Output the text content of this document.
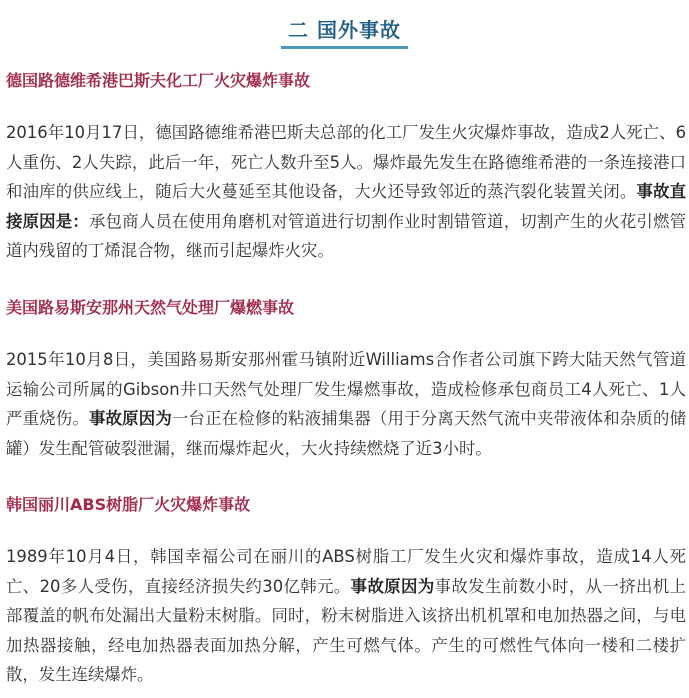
二 国外事故
德国路德维希港巴斯夫化工厂火灾爆炸事故

2016年10月17日，德国路德维希港巴斯夫总部的化工厂发生火灾爆炸事故，造成2人死亡、6人重伤、2人失踪，此后一年，死亡人数升至5人。爆炸最先发生在路德维希港的一条连接港口和油库的供应线上，随后大火蔓延至其他设备，大火还导致邻近的蒸汽裂化装置关闭。事故直接原因是：承包商人员在使用角磨机对管道进行切割作业时割错管道，切割产生的火花引燃管道内残留的丁烯混合物，继而引起爆炸火灾。

美国路易斯安那州天然气处理厂爆燃事故

2015年10月8日，美国路易斯安那州霍马镇附近Williams合作者公司旗下跨大陆天然气管道运输公司所属的Gibson井口天然气处理厂发生爆燃事故，造成检修承包商员工4人死亡、1人严重烧伤。事故原因为一台正在检修的粘液捕集器（用于分离天然气流中夹带液体和杂质的储罐）发生配管破裂泄漏，继而爆炸起火，大火持续燃烧了近3小时。

韩国丽川ABS树脂厂火灾爆炸事故

1989年10月4日，韩国幸福公司在丽川的ABS树脂工厂发生火灾和爆炸事故，造成14人死亡、20多人受伤，直接经济损失约30亿韩元。事故原因为事故发生前数小时，从一挤出机上部覆盖的帆布处漏出大量粉末树脂。同时，粉末树脂进入该挤出机机罩和电加热器之间，与电加热器接触，经电加热器表面加热分解，产生可燃气体。产生的可燃性气体向一楼和二楼扩散，发生连续爆炸。
